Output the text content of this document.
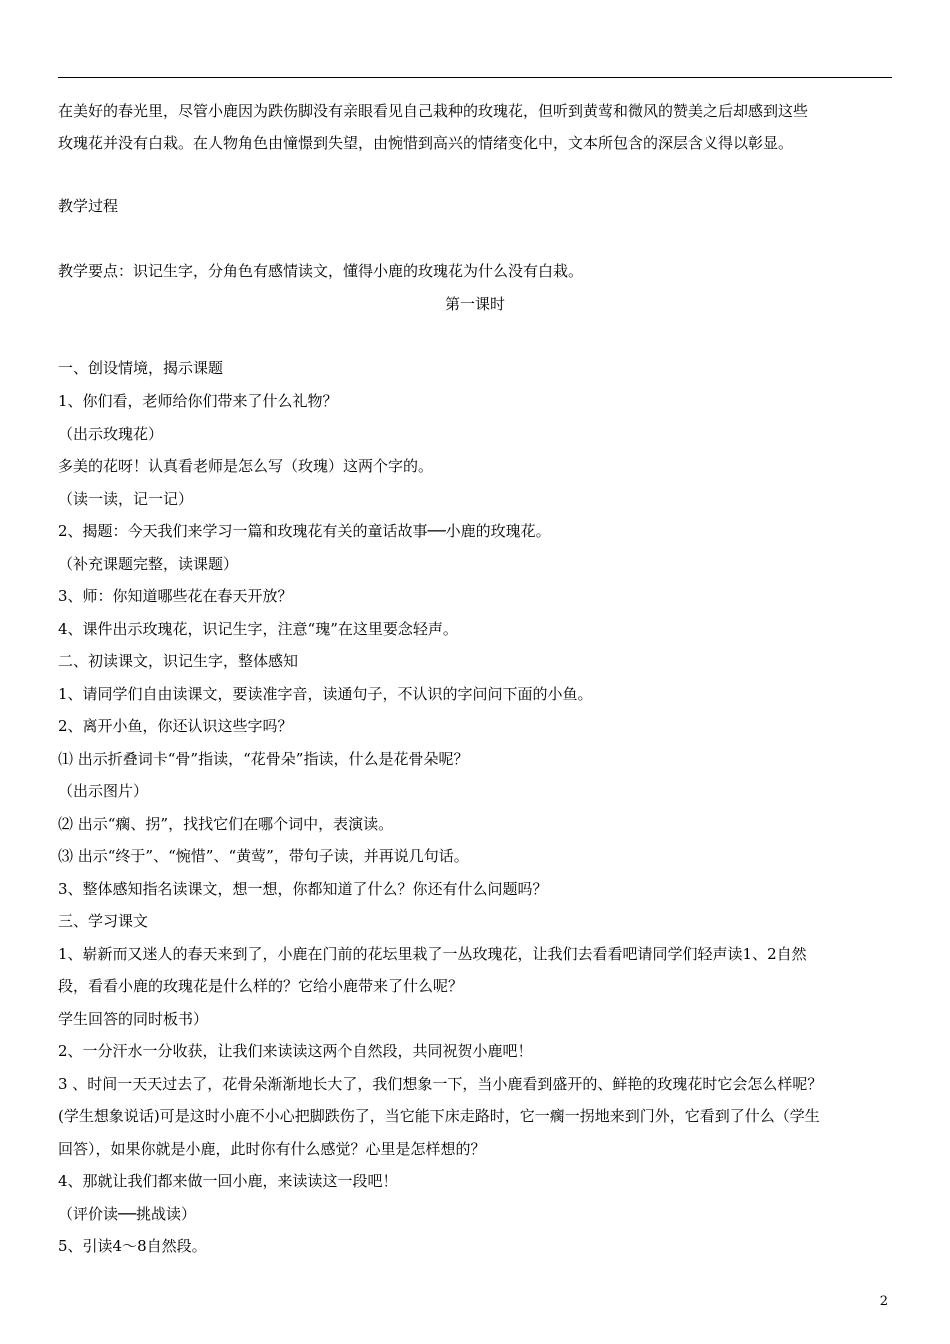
在美好的春光里，尽管小鹿因为跌伤脚没有亲眼看见自己栽种的玫瑰花，但听到黄莺和微风的赞美之后却感到这些
玫瑰花并没有白栽。在人物角色由憧憬到失望，由惋惜到高兴的情绪变化中，文本所包含的深层含义得以彰显。
教学过程
教学要点：识记生字，分角色有感情读文，懂得小鹿的玫瑰花为什么没有白栽。
第一课时
一、创设情境，揭示课题
1、你们看，老师给你们带来了什么礼物？
（出示玫瑰花）
多美的花呀！认真看老师是怎么写（玫瑰）这两个字的。
（读一读，记一记）
2、揭题：今天我们来学习一篇和玫瑰花有关的童话故事──小鹿的玫瑰花。
（补充课题完整，读课题）
3、师：你知道哪些花在春天开放？
4、课件出示玫瑰花，识记生字，注意“瑰”在这里要念轻声。
二、初读课文，识记生字，整体感知
1、请同学们自由读课文，要读准字音，读通句子，不认识的字问问下面的小鱼。
2、离开小鱼，你还认识这些字吗？
⑴ 出示折叠词卡“骨”指读，“花骨朵”指读，什么是花骨朵呢？
（出示图片）
⑵ 出示“瘸、拐”，找找它们在哪个词中，表演读。
⑶ 出示“终于”、“惋惜”、“黄莺”，带句子读，并再说几句话。
3、整体感知指名读课文，想一想，你都知道了什么？你还有什么问题吗？
三、学习课文
1、崭新而又迷人的春天来到了，小鹿在门前的花坛里栽了一丛玫瑰花，让我们去看看吧请同学们轻声读1、2自然
段，看看小鹿的玫瑰花是什么样的？它给小鹿带来了什么呢？
学生回答的同时板书）
2、一分汗水一分收获，让我们来读读这两个自然段，共同祝贺小鹿吧！
3 、时间一天天过去了，花骨朵渐渐地长大了，我们想象一下，当小鹿看到盛开的、鲜艳的玫瑰花时它会怎么样呢？
(学生想象说话)可是这时小鹿不小心把脚跌伤了，当它能下床走路时，它一瘸一拐地来到门外，它看到了什么（学生
回答），如果你就是小鹿，此时你有什么感觉？心里是怎样想的？
4、那就让我们都来做一回小鹿，来读读这一段吧！
（评价读──挑战读）
5、引读4～8自然段。
2
